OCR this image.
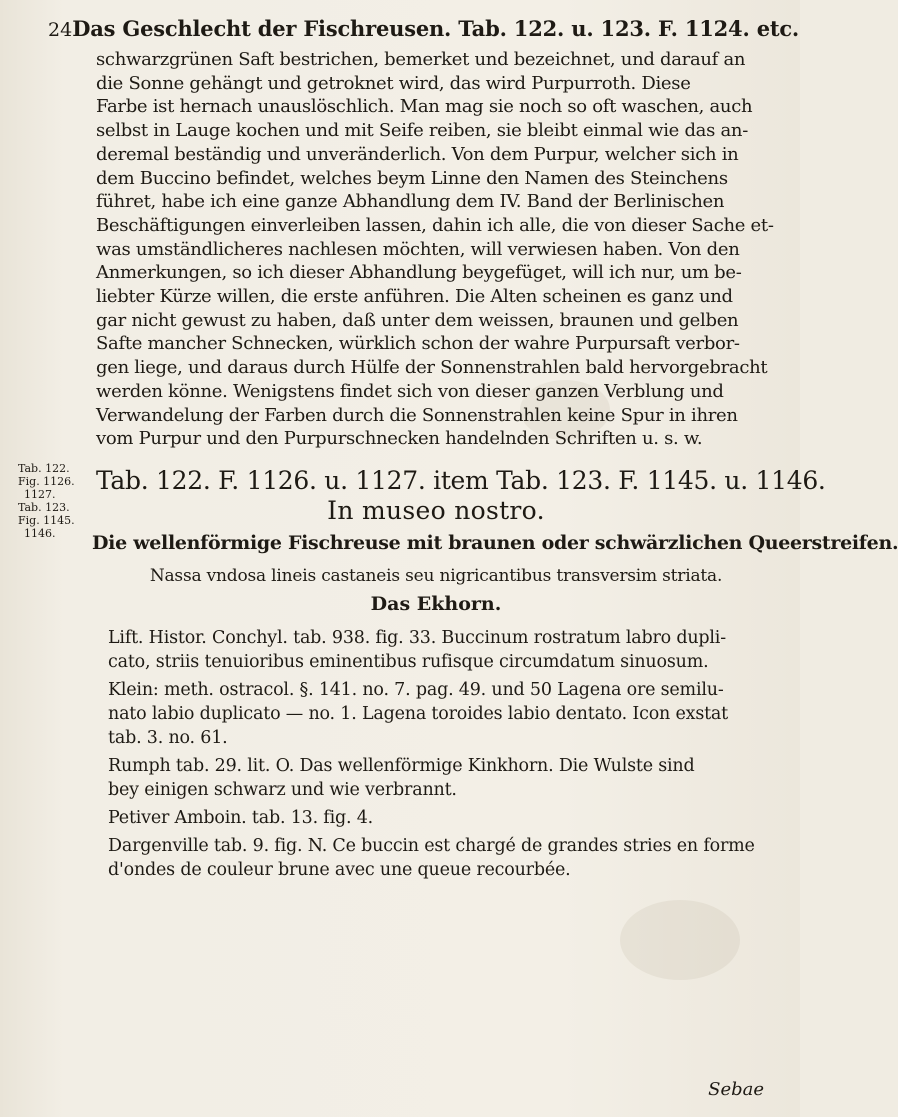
24 Das Geschlecht der Fischreusen. Tab. 122. u. 123. F. 1124. etc.
schwarzgrünen Saft bestrichen, bemerket und bezeichnet, und darauf an
die Sonne gehängt und getroknet wird, das wird Purpurroth. Diese
Farbe ist hernach unauslöschlich. Man mag sie noch so oft waschen, auch
selbst in Lauge kochen und mit Seife reiben, sie bleibt einmal wie das an-
deremal beständig und unveränderlich. Von dem Purpur, welcher sich in
dem Buccino befindet, welches beym Linne den Namen des Steinchens
führet, habe ich eine ganze Abhandlung dem IV. Band der Berlinischen
Beschäftigungen einverleiben lassen, dahin ich alle, die von dieser Sache et-
was umständlicheres nachlesen möchten, will verwiesen haben. Von den
Anmerkungen, so ich dieser Abhandlung beygefüget, will ich nur, um be-
liebter Kürze willen, die erste anführen. Die Alten scheinen es ganz und
gar nicht gewust zu haben, daß unter dem weissen, braunen und gelben
Safte mancher Schnecken, würklich schon der wahre Purpursaft verbor-
gen liege, und daraus durch Hülfe der Sonnenstrahlen bald hervorgebracht
werden könne. Wenigstens findet sich von dieser ganzen Verblung und
Verwandelung der Farben durch die Sonnenstrahlen keine Spur in ihren
vom Purpur und den Purpurschnecken handelnden Schriften u. s. w.
Tab. 122.
Fig. 1126.
1127.
Tab. 123.
Fig. 1145.
1146.
Tab. 122. F. 1126. u. 1127. item Tab. 123. F. 1145. u. 1146.
In museo nostro.
Die wellenförmige Fischreuse mit braunen oder schwärzlichen Queerstreifen.
Nassa vndosa lineis castaneis seu nigricantibus transversim striata.
Das Ekhorn.
Lift. Histor. Conchyl. tab. 938. fig. 33. Buccinum rostratum labro dupli-
cato, striis tenuioribus eminentibus rufisque circumdatum sinuosum.
Klein: meth. ostracol. §. 141. no. 7. pag. 49. und 50 Lagena ore semilu-
nato labio duplicato — no. 1. Lagena toroides labio dentato. Icon exstat
tab. 3. no. 61.
Rumph tab. 29. lit. O. Das wellenförmige Kinkhorn. Die Wulste sind
bey einigen schwarz und wie verbrannt.
Petiver Amboin. tab. 13. fig. 4.
Dargenville tab. 9. fig. N. Ce buccin est chargé de grandes stries en forme
d'ondes de couleur brune avec une queue recourbée.
Sebae
